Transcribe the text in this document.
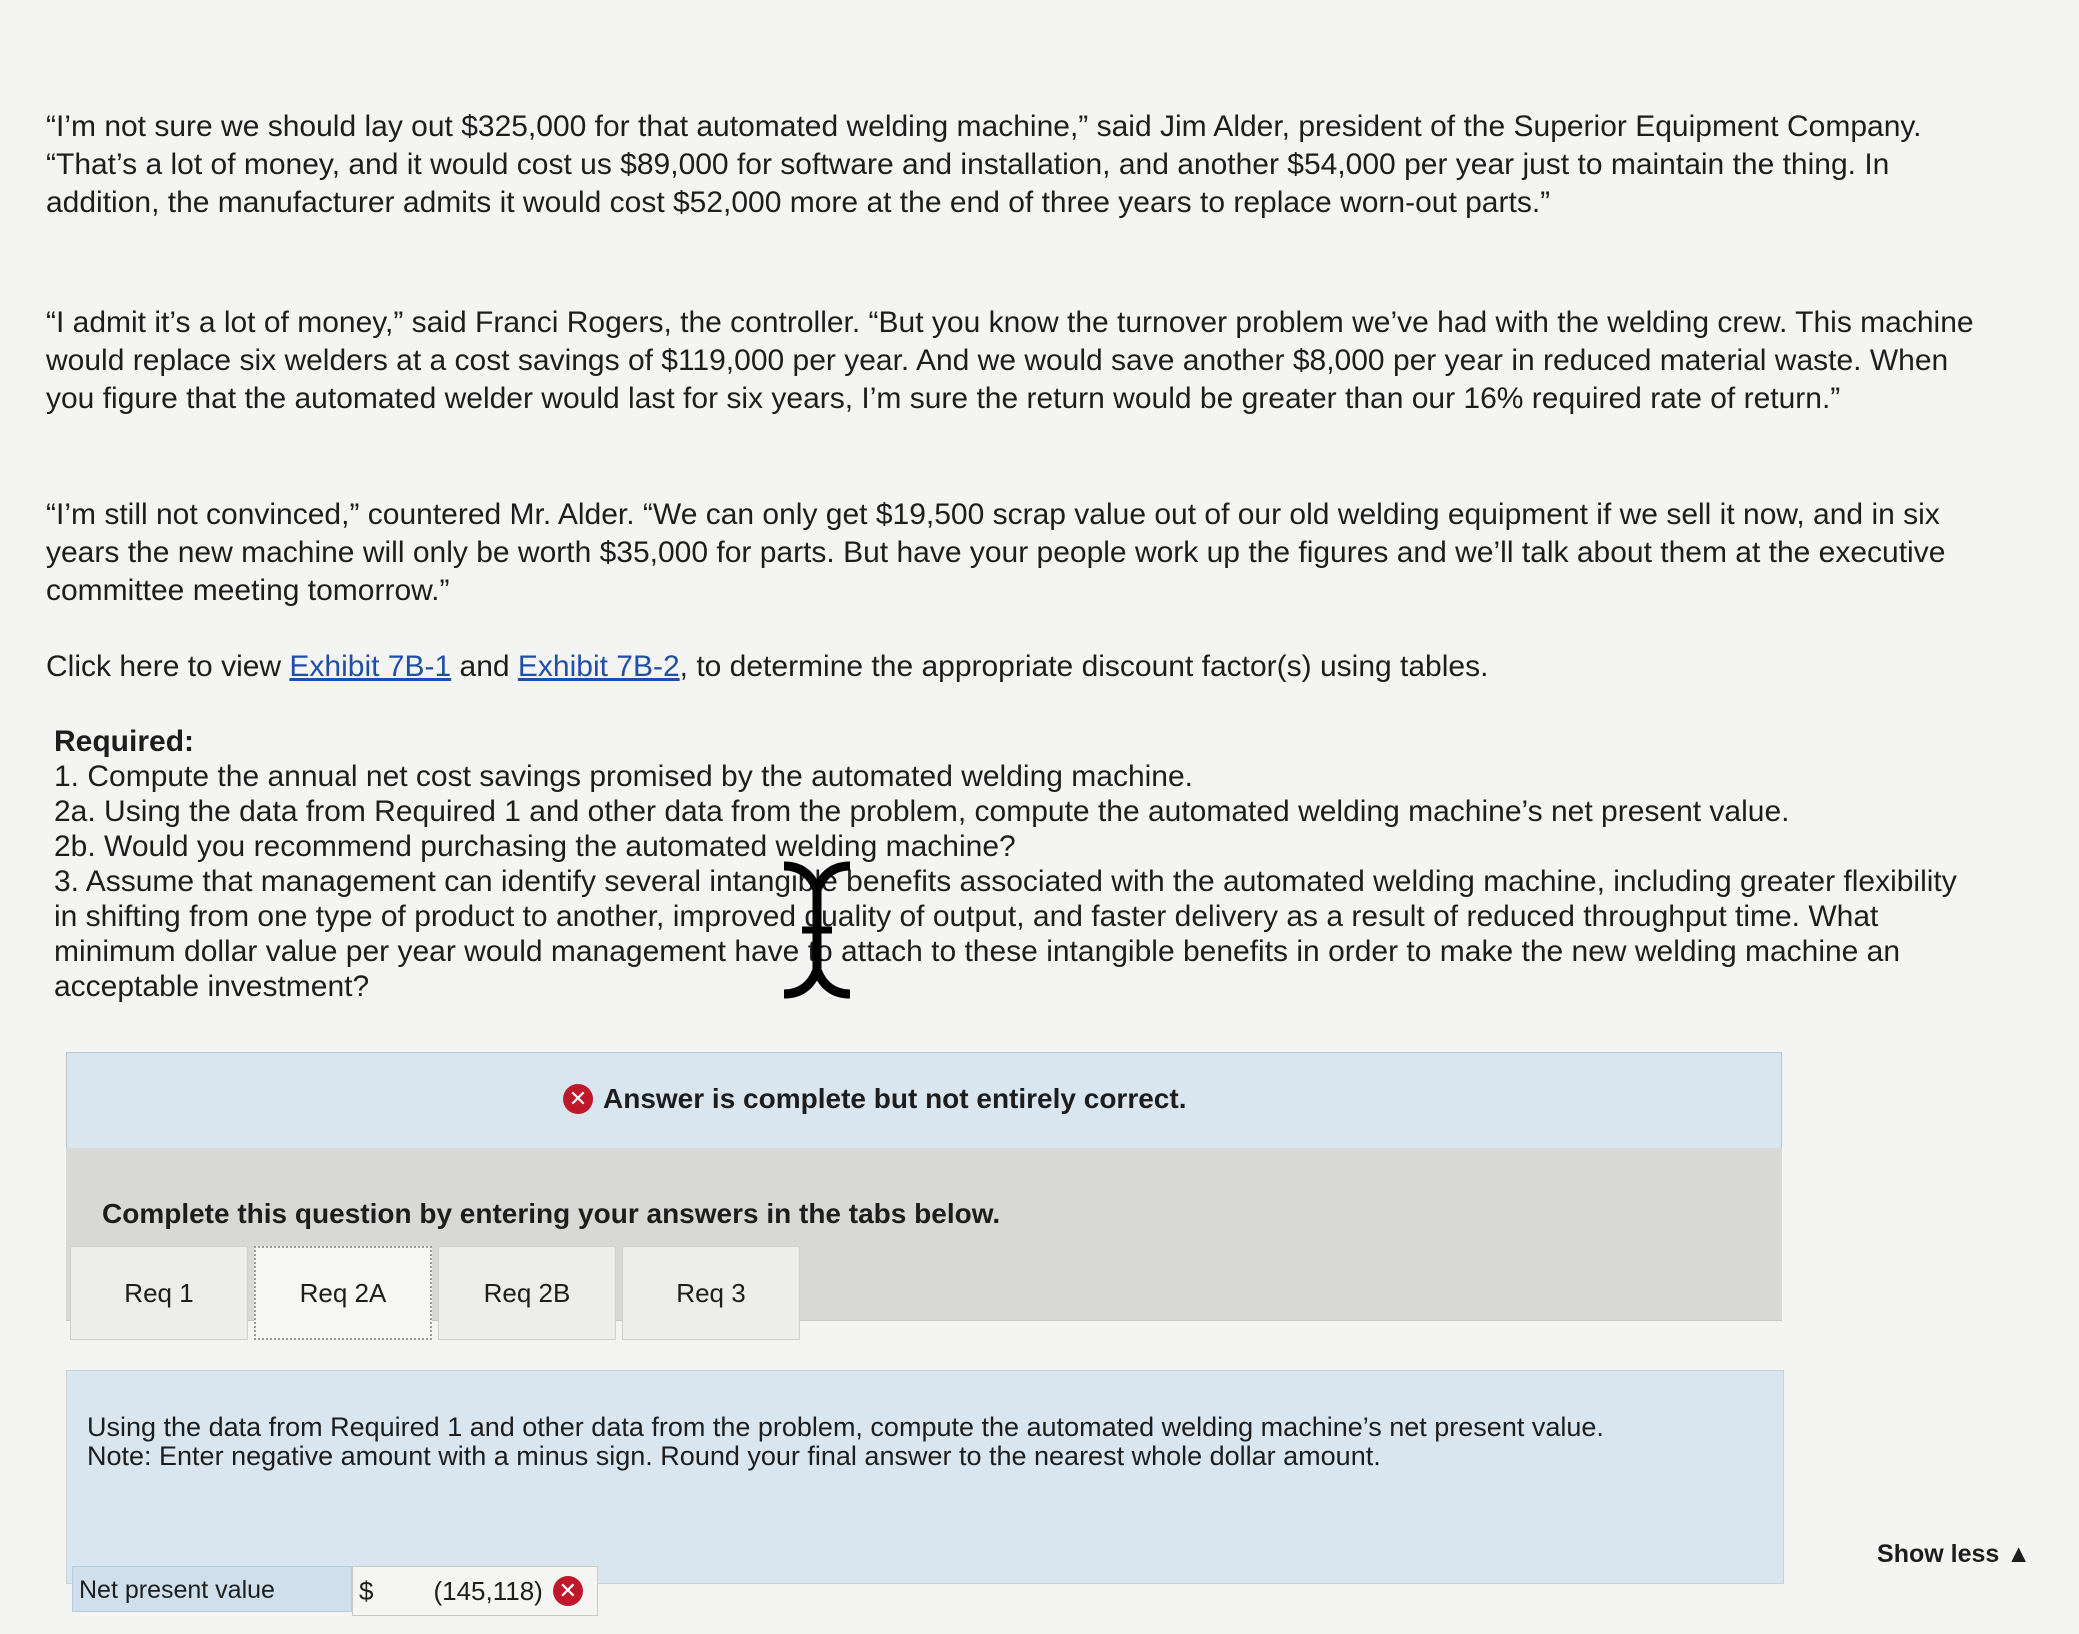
“I’m not sure we should lay out $325,000 for that automated welding machine,” said Jim Alder, president of the Superior Equipment Company. “That’s a lot of money, and it would cost us $89,000 for software and installation, and another $54,000 per year just to maintain the thing. In addition, the manufacturer admits it would cost $52,000 more at the end of three years to replace worn-out parts.”

“I admit it’s a lot of money,” said Franci Rogers, the controller. “But you know the turnover problem we’ve had with the welding crew. This machine would replace six welders at a cost savings of $119,000 per year. And we would save another $8,000 per year in reduced material waste. When you figure that the automated welder would last for six years, I’m sure the return would be greater than our 16% required rate of return.”

“I’m still not convinced,” countered Mr. Alder. “We can only get $19,500 scrap value out of our old welding equipment if we sell it now, and in six years the new machine will only be worth $35,000 for parts. But have your people work up the figures and we’ll talk about them at the executive committee meeting tomorrow.”

Click here to view Exhibit 7B-1 and Exhibit 7B-2, to determine the appropriate discount factor(s) using tables.

Required:

1. Compute the annual net cost savings promised by the automated welding machine.

2a. Using the data from Required 1 and other data from the problem, compute the automated welding machine’s net present value.

2b. Would you recommend purchasing the automated welding machine?

3. Assume that management can identify several intangible benefits associated with the automated welding machine, including greater flexibility in shifting from one type of product to another, improved quality of output, and faster delivery as a result of reduced throughput time. What minimum dollar value per year would management have to attach to these intangible benefits in order to make the new welding machine an acceptable investment?

✕ Answer is complete but not entirely correct.
Complete this question by entering your answers in the tabs below.
Req 1	Req 2A	Req 2B	Req 3
Using the data from Required 1 and other data from the problem, compute the automated welding machine’s net present value.
Note: Enter negative amount with a minus sign. Round your final answer to the nearest whole dollar amount.
Show less ▲
Net present value	$ (145,118) ✕
